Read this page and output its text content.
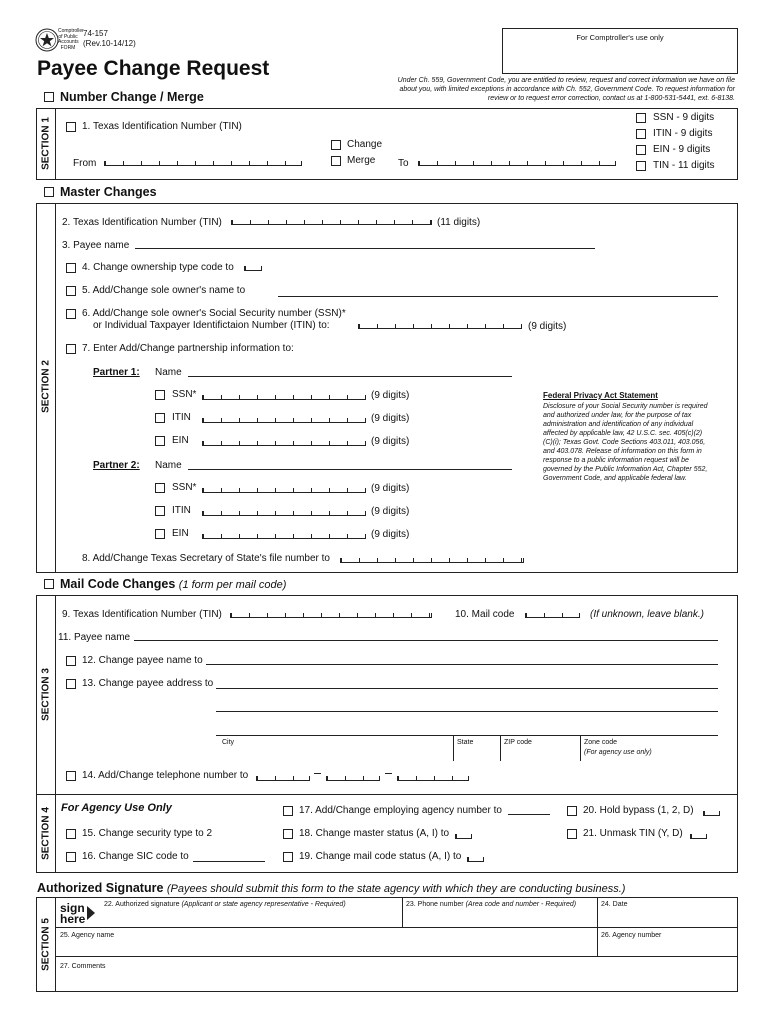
Comptroller
of Public
Accounts
FORM
74-157
(Rev.10-14/12)
For Comptroller's use only
Payee Change Request
Under Ch. 559, Government Code, you are entitled to review, request and correct information we have on file about you, with limited exceptions in accordance with Ch. 552, Government Code. To request information for review or to request error correction, contact us at 1-800-531-5441, ext. 6-8138.
Number Change / Merge
SECTION 1	1. Texas Identification Number (TIN)
From
Change
Merge To
SSN - 9 digits
ITIN - 9 digits
EIN - 9 digits
TIN - 11 digits
Master Changes
SECTION 2
2. Texas Identification Number (TIN)	(11 digits)
3. Payee name
4. Change ownership type code to
5. Add/Change sole owner's name to
6. Add/Change sole owner's Social Security number (SSN)*
or Individual Taxpayer Identifictaion Number (ITIN) to:	(9 digits)
7. Enter Add/Change partnership information to:
Partner 1: Name
SSN*	(9 digits)
ITIN	(9 digits)
EIN	(9 digits)
Partner 2: Name
SSN*	(9 digits)
ITIN	(9 digits)
EIN	(9 digits)
8. Add/Change Texas Secretary of State's file number to
Federal Privacy Act Statement
Disclosure of your Social Security number is required and authorized under law, for the purpose of tax administration and identification of any individual affected by applicable law, 42 U.S.C. sec. 405(c)(2)(C)(i); Texas Govt. Code Sections 403.011, 403.056, and 403.078. Release of information on this form in response to a public information request will be governed by the Public Information Act, Chapter 552, Government Code, and applicable federal law.
Mail Code Changes (1 form per mail code)
SECTION 3
9. Texas Identification Number (TIN)	10. Mail code	(If unknown, leave blank.)
11. Payee name
12. Change payee name to
13. Change payee address to
City	State	ZIP code	Zone code
(For agency use only)
14. Add/Change telephone number to
SECTION 4 For Agency Use Only
15. Change security type to 2
16. Change SIC code to
17. Add/Change employing agency number to
18. Change master status (A, I) to
19. Change mail code status (A, I) to
20. Hold bypass (1, 2, D)
21. Unmask TIN (Y, D)
Authorized Signature (Payees should submit this form to the state agency with which they are conducting business.)
SECTION 5
sign
here
22. Authorized signature (Applicant or state agency representative - Required)	23. Phone number (Area code and number - Required)	24. Date
25. Agency name	26. Agency number
27. Comments
